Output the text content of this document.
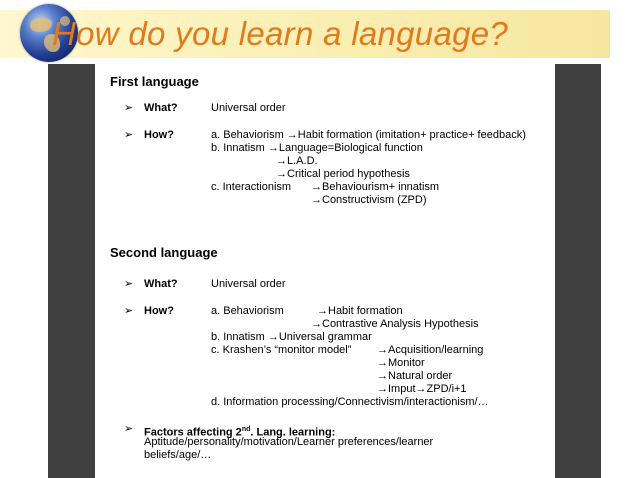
How do you learn a language?
First language
➢ What?	Universal order
➢ How?	a. Behaviorism →Habit formation (imitation+ practice+ feedback)
b. Innatism →Language=Biological function
→L.A.D.
→Critical period hypothesis
c. Interactionism →Behaviourism+ innatism
→Constructivism (ZPD)
Second language
➢ What?	Universal order
➢ How?	a. Behaviorism	→Habit formation
→Contrastive Analysis Hypothesis
b. Innatism →Universal grammar
c. Krashen’s “monitor model” →Acquisition/learning
→Monitor
→Natural order
→Imput→ZPD/i+1
d. Information processing/Connectivism/interactionism/…
➢ Factors affecting 2nd. Lang. learning:
Aptitude/personality/motivation/Learner preferences/learner
beliefs/age/…
